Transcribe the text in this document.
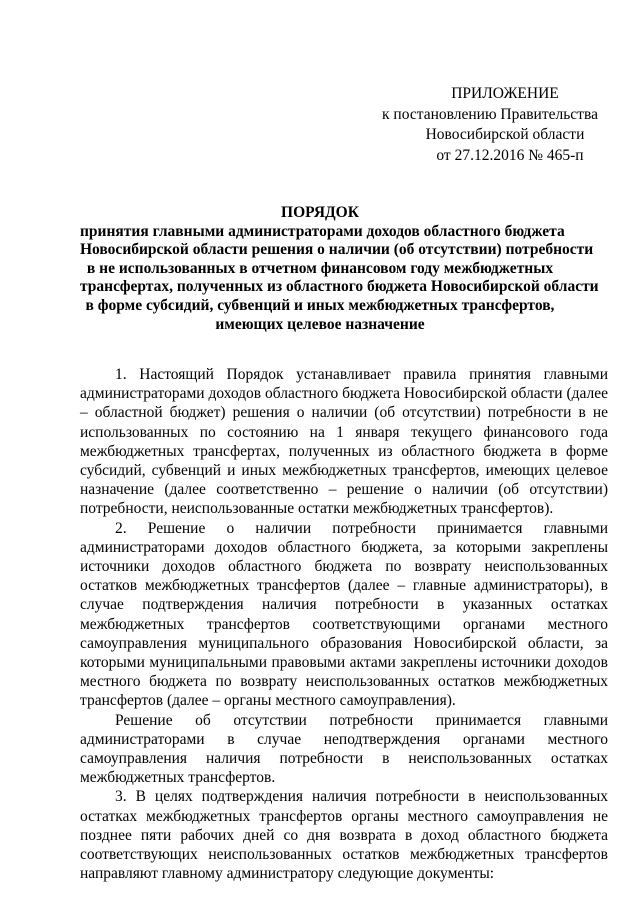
ПРИЛОЖЕНИЕ
к постановлению Правительства
Новосибирской области
от 27.12.2016 № 465-п
ПОРЯДОК
принятия главными администраторами доходов областного бюджета
Новосибирской области решения о наличии (об отсутствии) потребности
в не использованных в отчетном финансовом году межбюджетных
трансфертах, полученных из областного бюджета Новосибирской области
в форме субсидий, субвенций и иных межбюджетных трансфертов,
имеющих целевое назначение

1. Настоящий Порядок устанавливает правила принятия главными администраторами доходов областного бюджета Новосибирской области (далее – областной бюджет) решения о наличии (об отсутствии) потребности в не использованных по состоянию на 1 января текущего финансового года межбюджетных трансфертах, полученных из областного бюджета в форме субсидий, субвенций и иных межбюджетных трансфертов, имеющих целевое назначение (далее соответственно – решение о наличии (об отсутствии) потребности, неиспользованные остатки межбюджетных трансфертов).

2. Решение о наличии потребности принимается главными администраторами доходов областного бюджета, за которыми закреплены источники доходов областного бюджета по возврату неиспользованных остатков межбюджетных трансфертов (далее – главные администраторы), в случае подтверждения наличия потребности в указанных остатках межбюджетных трансфертов соответствующими органами местного самоуправления муниципального образования Новосибирской области, за которыми муниципальными правовыми актами закреплены источники доходов местного бюджета по возврату неиспользованных остатков межбюджетных трансфертов (далее – органы местного самоуправления).

Решение об отсутствии потребности принимается главными администраторами в случае неподтверждения органами местного самоуправления наличия потребности в неиспользованных остатках межбюджетных трансфертов.

3. В целях подтверждения наличия потребности в неиспользованных остатках межбюджетных трансфертов органы местного самоуправления не позднее пяти рабочих дней со дня возврата в доход областного бюджета соответствующих неиспользованных остатков межбюджетных трансфертов направляют главному администратору следующие документы:
